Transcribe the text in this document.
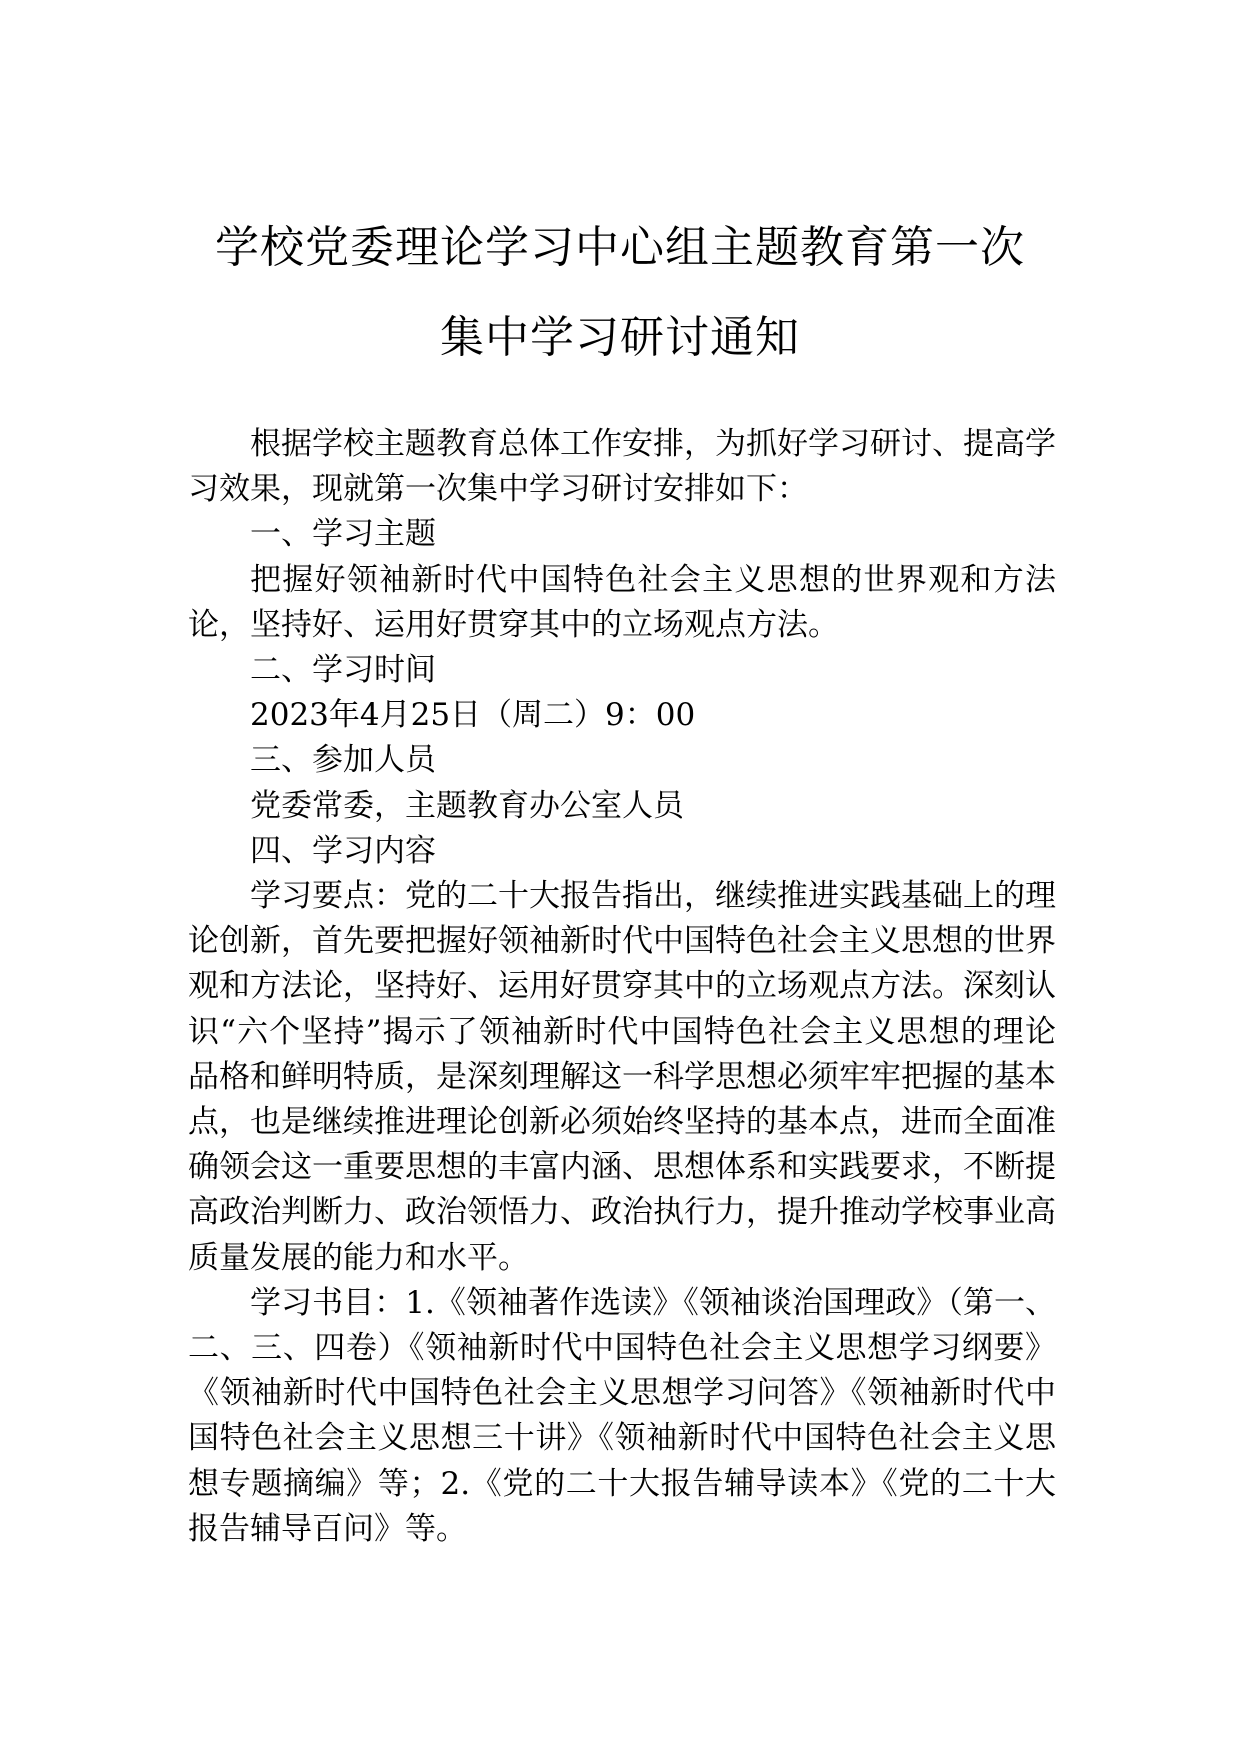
学校党委理论学习中心组主题教育第一次
集中学习研讨通知

根据学校主题教育总体工作安排，为抓好学习研讨、提高学习效果，现就第一次集中学习研讨安排如下：

一、学习主题

把握好领袖新时代中国特色社会主义思想的世界观和方法论，坚持好、运用好贯穿其中的立场观点方法。

二、学习时间

2023年4月25日（周二）9：00

三、参加人员

党委常委，主题教育办公室人员

四、学习内容

学习要点：党的二十大报告指出，继续推进实践基础上的理论创新，首先要把握好领袖新时代中国特色社会主义思想的世界观和方法论，坚持好、运用好贯穿其中的立场观点方法。深刻认识“六个坚持”揭示了领袖新时代中国特色社会主义思想的理论品格和鲜明特质，是深刻理解这一科学思想必须牢牢把握的基本点，也是继续推进理论创新必须始终坚持的基本点，进而全面准确领会这一重要思想的丰富内涵、思想体系和实践要求，不断提高政治判断力、政治领悟力、政治执行力，提升推动学校事业高质量发展的能力和水平。

学习书目：1.《领袖著作选读》《领袖谈治国理政》（第一、二、三、四卷）《领袖新时代中国特色社会主义思想学习纲要》《领袖新时代中国特色社会主义思想学习问答》《领袖新时代中国特色社会主义思想三十讲》《领袖新时代中国特色社会主义思想专题摘编》等；2.《党的二十大报告辅导读本》《党的二十大报告辅导百问》等。
